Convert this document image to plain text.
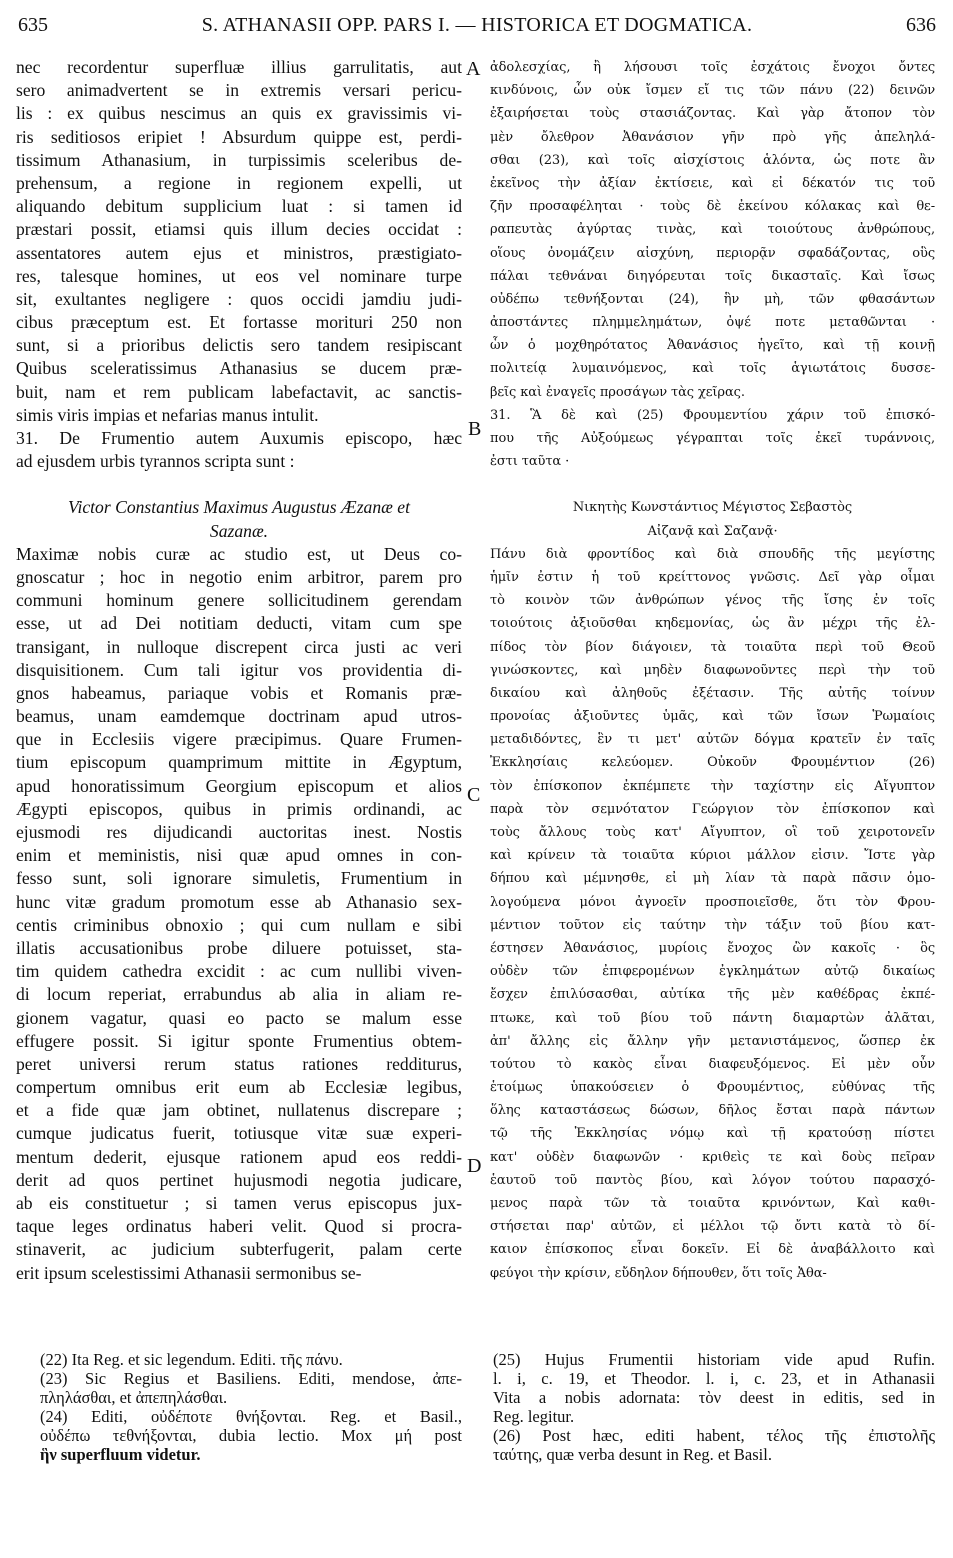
635	S. ATHANASII OPP. PARS I. — HISTORICA ET DOGMATICA.	636
nec recordentur superfluæ illius garrulitatis, aut
sero animadvertent se in extremis versari pericu-
lis : ex quibus nescimus an quis ex gravissimis vi-
ris seditiosos eripiet ! Absurdum quippe est, perdi-
tissimum Athanasium, in turpissimis sceleribus de-
prehensum, a regione in regionem expelli, ut
aliquando debitum supplicium luat : si tamen id
præstari possit, etiamsi quis illum decies occidat :
assentatores autem ejus et ministros, præstigiato-
res, talesque homines, ut eos vel nominare turpe
sit, exultantes negligere : quos occidi jamdiu judi-
cibus præceptum est. Et fortasse morituri 250 non
sunt, si a prioribus delictis sero tandem resipiscant
Quibus sceleratissimus Athanasius se ducem præ-
buit, nam et rem publicam labefactavit, ac sanctis-
simis viris impias et nefarias manus intulit.
31. De Frumentio autem Auxumis episcopo, hæc
ad ejusdem urbis tyrannos scripta sunt :
Victor Constantius Maximus Augustus Æzanæ et
Sazanæ.
Maximæ nobis curæ ac studio est, ut Deus co-
gnoscatur ; hoc in negotio enim arbitror, parem pro
communi hominum genere sollicitudinem gerendam
esse, ut ad Dei notitiam deducti, vitam cum spe
transigant, in nulloque discrepent circa justi ac veri
disquisitionem. Cum tali igitur vos providentia di-
gnos habeamus, pariaque vobis et Romanis præ-
beamus, unam eamdemque doctrinam apud utros-
que in Ecclesiis vigere præcipimus. Quare Frumen-
tium episcopum quamprimum mittite in Ægyptum,
apud honoratissimum Georgium episcopum et alios
Ægypti episcopos, quibus in primis ordinandi, ac
ejusmodi res dijudicandi auctoritas inest. Nostis
enim et meministis, nisi quæ apud omnes in con-
fesso sunt, soli ignorare simuletis, Frumentium in
hunc vitæ gradum promotum esse ab Athanasio sex-
centis criminibus obnoxio ; qui cum nullam e sibi
illatis accusationibus probe diluere potuisset, sta-
tim quidem cathedra excidit : ac cum nullibi viven-
di locum reperiat, errabundus ab alia in aliam re-
gionem vagatur, quasi eo pacto se malum esse
effugere possit. Si igitur sponte Frumentius obtem-
peret universi rerum status rationes redditurus,
compertum omnibus erit eum ab Ecclesiæ legibus,
et a fide quæ jam obtinet, nullatenus discrepare ;
cumque judicatus fuerit, totiusque vitæ suæ experi-
mentum dederit, ejusque rationem apud eos reddi-
derit ad quos pertinet hujusmodi negotia judicare,
ab eis constituetur ; si tamen verus episcopus jux-
taque leges ordinatus haberi velit. Quod si procra-
stinaverit, ac judicium subterfugerit, palam certe
erit ipsum scelestissimi Athanasii sermonibus se-
ἀδολεσχίας, ἢ λήσουσι τοῖς ἐσχάτοις ἔνοχοι ὄντες
κινδύνοις, ὧν οὐκ ἴσμεν εἴ τις τῶν πάνυ (22) δεινῶν
ἐξαιρήσεται τοὺς στασιάζοντας. Καὶ γὰρ ἄτοπον τὸν
μὲν ὄλεθρον Ἀθανάσιον γῆν πρὸ γῆς ἀπεληλά-
σθαι (23), καὶ τοῖς αἰσχίστοις ἁλόντα, ὡς ποτε ἂν
ἐκεῖνος τὴν ἀξίαν ἐκτίσειε, καὶ εἰ δέκατόν τις τοῦ
ζῆν προσαφέληται · τοὺς δὲ ἐκείνου κόλακας καὶ θε-
ραπευτὰς ἀγύρτας τινὰς, καὶ τοιούτους ἀνθρώπους,
οἵους ὀνομάζειν αἰσχύνη, περιορᾷν σφαδάζοντας, οὓς
πάλαι τεθνάναι διηγόρευται τοῖς δικασταῖς. Καὶ ἴσως
οὐδέπω τεθνήξονται (24), ἣν μὴ, τῶν φθασάντων
ἀποστάντες πλημμελημάτων, ὀψέ ποτε μεταθῶνται ·
ὧν ὁ μοχθηρότατος Ἀθανάσιος ἡγεῖτο, καὶ τῇ κοινῇ
πολιτείᾳ λυμαινόμενος, καὶ τοῖς ἁγιωτάτοις δυσσε-
βεῖς καὶ ἐναγεῖς προσάγων τὰς χεῖρας.
31. Ἃ δὲ καὶ (25) Φρουμεντίου χάριν τοῦ ἐπισκό-
που τῆς Αὐξούμεως γέγραπται τοῖς ἐκεῖ τυράννοις,
ἐστι ταῦτα ·
Νικητὴς Κωνστάντιος Μέγιστος Σεβαστὸς
Αἰζανᾷ καὶ Σαζανᾷ·
Πάνυ διὰ φροντίδος καὶ διὰ σπουδῆς τῆς μεγίστης
ἡμῖν ἐστιν ἡ τοῦ κρείττονος γνῶσις. Δεῖ γὰρ οἶμαι
τὸ κοινὸν τῶν ἀνθρώπων γένος τῆς ἴσης ἐν τοῖς
τοιούτοις ἀξιοῦσθαι κηδεμονίας, ὡς ἂν μέχρι τῆς ἐλ-
πίδος τὸν βίον διάγοιεν, τὰ τοιαῦτα περὶ τοῦ Θεοῦ
γινώσκοντες, καὶ μηδὲν διαφωνοῦντες περὶ τὴν τοῦ
δικαίου καὶ ἀληθοῦς ἐξέτασιν. Τῆς αὐτῆς τοίνυν
προνοίας ἀξιοῦντες ὑμᾶς, καὶ τῶν ἴσων Ῥωμαίοις
μεταδιδόντες, ἓν τι μετ' αὐτῶν δόγμα κρατεῖν ἐν ταῖς
Ἐκκλησίαις κελεύομεν. Οὐκοῦν Φρουμέντιον (26)
τὸν ἐπίσκοπον ἐκπέμπετε τὴν ταχίστην εἰς Αἴγυπτον
παρὰ τὸν σεμνότατον Γεώργιον τὸν ἐπίσκοπον καὶ
τοὺς ἄλλους τοὺς κατ' Αἴγυπτον, οἳ τοῦ χειροτονεῖν
καὶ κρίνειν τὰ τοιαῦτα κύριοι μάλλον εἰσιν. Ἴστε γὰρ
δήπου καὶ μέμνησθε, εἰ μὴ λίαν τὰ παρὰ πᾶσιν ὁμο-
λογούμενα μόνοι ἀγνοεῖν προσποιεῖσθε, ὅτι τὸν Φρου-
μέντιον τοῦτον εἰς ταύτην τὴν τάξιν τοῦ βίου κατ-
έστησεν Ἀθανάσιος, μυρίοις ἔνοχος ὢν κακοῖς · ὃς
οὐδὲν τῶν ἐπιφερομένων ἐγκλημάτων αὐτῷ δικαίως
ἔσχεν ἐπιλύσασθαι, αὐτίκα τῆς μὲν καθέδρας ἐκπέ-
πτωκε, καὶ τοῦ βίου τοῦ πάντη διαμαρτὼν ἀλᾶται,
ἀπ' ἄλλης εἰς ἄλλην γῆν μετανιστάμενος, ὥσπερ ἐκ
τούτου τὸ κακὸς εἶναι διαφευξόμενος. Εἰ μὲν οὖν
ἑτοίμως ὑπακούσειεν ὁ Φρουμέντιος, εὐθύνας τῆς
ὅλης καταστάσεως δώσων, δῆλος ἔσται παρὰ πάντων
τῷ τῆς Ἐκκλησίας νόμῳ καὶ τῇ κρατούσῃ πίστει
κατ' οὐδὲν διαφωνῶν · κριθεὶς τε καὶ δοὺς πεῖραν
ἑαυτοῦ τοῦ παντὸς βίου, καὶ λόγον τούτου παρασχό-
μενος παρὰ τῶν τὰ τοιαῦτα κρινόντων, Καὶ καθι-
στήσεται παρ' αὐτῶν, εἰ μέλλοι τῷ ὄντι κατὰ τὸ δί-
καιον ἐπίσκοπος εἶναι δοκεῖν. Εἰ δὲ ἀναβάλλοιτο καὶ
φεύγοι τὴν κρίσιν, εὔδηλον δήπουθεν, ὅτι τοῖς Ἀθα-
A
B
C
D
(22) Ita Reg. et sic legendum. Editi. τῆς πάνυ.
(23) Sic Regius et Basiliens. Editi, mendose, ἀπε-
πληλάσθαι, et ἀπεπηλάσθαι.
(24) Editi, οὐδέποτε θνήξονται. Reg. et Basil.,
οὐδέπω τεθνήξονται, dubia lectio. Mox μή post
ἣν superfluum videtur.
(25) Hujus Frumentii historiam vide apud Rufin.
l. i, c. 19, et Theodor. l. i, c. 23, et in Athanasii
Vita a nobis adornata: τὸν deest in editis, sed in
Reg. legitur.
(26) Post hæc, editi habent, τέλος τῆς ἐπιστολῆς
ταύτης, quæ verba desunt in Reg. et Basil.
